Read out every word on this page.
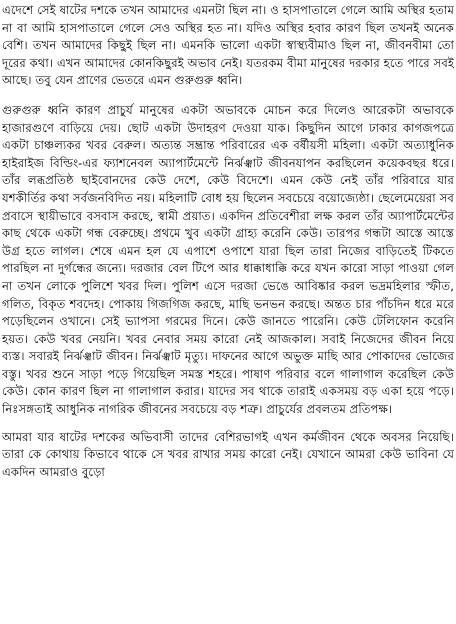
এদেশে সেই ষাটের দশকে তখন আমাদের এমনটা ছিল না। ও হাসপাতালে গেলে আমি অস্থির হতাম না বা আমি হাসপাতালে গেলে সেও অস্থির হত না। যদিও অস্থির হবার কারণ ছিল তখনই অনেক বেশি। তখন আমাদের কিছুই ছিল না। এমনকি ভালো একটা স্বাস্থ্যবীমাও ছিল না, জীবনবীমা তো দূরের কথা। এখন আমাদের কোনকিছুরই অভাব নেই। যতরকম বীমা মানুষের দরকার হতে পারে সবই আছে। তবু যেন প্রাণের ভেতরে এমন গুরুগুরু ধ্বনি।

গুরুগুরু ধ্বনি কারণ প্রাচুর্য মানুষের একটা অভাবকে মোচন করে দিলেও আরেকটা অভাবকে হাজারগুণে বাড়িয়ে দেয়। ছোট একটা উদাহরণ দেওয়া যাক। কিছুদিন আগে ঢাকার কাগজপত্রে একটা চাঞ্চল্যকর খবর বেরুল। অত্যন্ত সম্ভ্রান্ত পরিবারের এক বর্ষীয়সী মহিলা। একটা অত্যাধুনিক হাইরাইজ বিল্ডিং-এর ফ্যাশনেবল অ্যাপার্টমেন্টে নির্ঝঞ্ঝাট জীবনযাপন করছিলেন কয়েকবছর ধরে। তাঁর লব্ধপ্রতিষ্ঠ ছাইবোনদের কেউ দেশে, কেউ বিদেশে। এমন কেউ নেই তাঁর পরিবারে যার যশকীর্তির কথা সর্বজনবিদিত নয়। মহিলাটি বোধ হয় ছিলেন সবচেয়ে বয়োজ্যেষ্ঠা। ছেলেমেয়েরা সব প্রবাসে স্থায়ীভাবে বসবাস করছে, স্বামী প্রয়াত। একদিন প্রতিবেশীরা লক্ষ করল তাঁর অ্যাপার্টমেন্টের কাছ থেকে একটা গন্ধ বেরুচ্ছে। প্রথমে খুব একটা গ্রাহ্য করেনি কেউ। তারপর গন্ধটা আস্তে আস্তে উগ্র হতে লাগল। শেষে এমন হল যে এপাশে ওপাশে যারা ছিল তারা নিজের বাড়িতেই টিকতে পারছিল না দুর্গন্ধের জন্যে। দরজার বেল টিপে আর ধাক্কাধাক্কি করে যখন কারো সাড়া পাওয়া গেল না তখন লোকে পুলিশে খবর দিল। পুলিশ এসে দরজা ভেঙে আবিষ্কার করল ভদ্রমহিলার স্ফীত, গলিত, বিকৃত শবদেহ। পোকায় গিজগিজ করছে, মাছি ভনভন করছে। অন্তত চার পাঁচদিন ধরে মরে পড়েছিলেন ওখানে। সেই ভ্যাপসা গরমের দিনে। কেউ জানতে পারেনি। কেউ টেলিফোন করেনি হয়ত। কেউ খবর নেয়নি। খবর নেবার সময় কারো নেই আজকাল। সবাই নিজেদের জীবন নিয়ে ব্যস্ত। সবারই নির্ঝঞ্ঝাট জীবন। নির্ঝঞ্ঝাট মৃত্যু। দাফনের আগে অভুক্ত মাছি আর পোকাদের ভোজের বস্তু। খবর শুনে সাড়া পড়ে গিয়েছিল সমস্ত শহরে। পাষাণ পরিবার বলে গালাগাল করেছিল কেউ কেউ। কোন কারণ ছিল না গালাগাল করার। যাদের সব থাকে তারাই একসময় বড় একা হয়ে পড়ে। নিঃসঙ্গতাই আধুনিক নাগরিক জীবনের সবচেয়ে বড় শত্রু। প্রাচুর্যের প্রবলতম প্রতিপক্ষ।

আমরা যার ষাটের দশকের অভিবাসী তাদের বেশিরভাগই এখন কর্মজীবন থেকে অবসর নিয়েছি। তারা কে কোথায় কিভাবে থাকে সে খবর রাখার সময় কারো নেই। যেখানে আমরা কেউ ভাবিনা যে একদিন আমরাও বুড়ো
